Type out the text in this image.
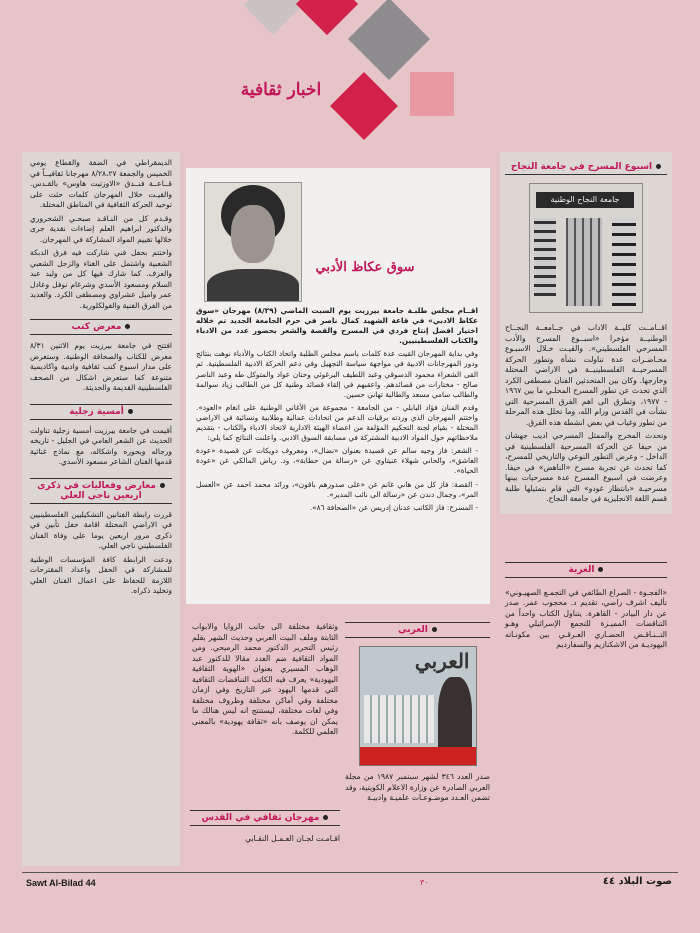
اخبار ثقافية
اسبوع المسرح في جامعة النجاح
جامعة النجاح الوطنية

اقــامــت كليــة الاداب في جــامعــة النجــاح الوطنيــة مؤخرا «اسبــوع المسرح والأدب المسرحي الفلسطيني». والقيـت خـلال الاسبـوع محـاضـرات عدة تناولت نشأة وتطور الحركة المسرحيــة الفلسطينيــة في الاراضي المحتلة وخارجها. وكان بين المتحدثين الفنان مصطفى الكرد الذي تحدث عن تطور المسرح المحلـي ما بين ١٩٦٧ - ١٩٧٧، وتطرق الى اهم الفرق المسرحية التي نشأت في القدس ورام الله، وما تخلل هذه المرحلة من تطور وغياب في بعض انشطة هذه الفرق.

وتحدث المخرج والممثل المسرحي اديب جهشان من حيفا عن الحركة المسرحية الفلسطينية في الداخل - وعرض التطور النوعي والتاريخي للمسرح، كما تحدث عن تجربة مسرح «الناهض» في حيفا. وعرضت في اسبوع المسرح عدة مسرحيات بينها مسرحيـة «بانتظار غودو» التي قام بتمثيلها طلبة قسم اللغة الانجليزية في جامعة النجاح.

الغربة
«الفجـوة - الصراع الطائفي في التجمـع الصهيـوني» تأليف اشرف راضي، تقديم د. محجوب عمر. صدر عن دار البيادر - القاهرة. يتناول الكتاب واحداً من التناقضات المميـزة للتجمع الإسرائيلي وهـو التــنـاقـض الحضـاري العـرقـي بين مكونـاته اليهوديـة من الاشكنازيم والسفارديم
سوق عكاظ الأدبي

اقــام مجلس طلبـة جامعة بيرزيت يوم السبت الماضي (٨/٢٩) مهرجان «سوق عكاظ الادبي» في قاعة الشهيد كمال ناصر في حرم الجامعة الجديد تم خلاله اختيار افضل إنتاج فردي في المسرح والقصة والشعر بحضور عدد من الادباء والكتاب الفلسطينيين.

وفي بداية المهرجان القيت عدة كلمات باسم مجلس الطلبة واتحاد الكتاب والأدباء نوهت بنتائج ودور المهرجانات الادبية في مواجهة سياسة التجهيل وفي دعم الحركة الادبية الفلسطينية. ثم القى الشعراء محمود الدسوقي وعبد اللطيف البرغوثي وحنان عواد والمتوكل طه وعبد الناصر صالح - مختارات من قصائدهم. واعقبهم في إلقاء قصائد وطنية كل من الطالب زياد سوالمة والطالب سامي مسعد والطالبة تهاني حسين.

وقدم الفنان فؤاد البابلي - من الجامعة - مجموعة من الأغاني الوطنية على انغام «العود». واختتم المهرجان الذي وردته برقيات الدعم من اتحادات عمالية وطلابية ونسائية في الاراضي المحتلة - بقيام لجنة التحكيم المؤلفة من اعضاء الهيئة الادارية لاتحاد الادباء والكتاب - بتقديم ملاحظاتهم حول المواد الادبية المشتركة في مسابقة السوق الادبي. واعلنت النتائج كما يلي:

- الشعر: فاز وجيه سالم عن قصيدة بعنوان «نضال»، ومعروف دويكات عن قصيدة «عودة العاشق»، والحاني شهلاء عنيتاوي عن «رسالة من حطابة»، ود. رياض المالكي عن «عودة الحياة».

- القصة: فاز كل من هاني غانم عن «على صدورهم باقون»، ورائد محمد احمد عن «العسل المر»، وجمال دندن عن «رسالة الى نائب المدير».

- المسرح: فاز الكاتب عدنان إدريس عن «الصحافة ٨٦».

العربي
العربي
صدر العدد ٣٤٦ لشهر سبتمبر ١٩٨٧ من مجلة العربي الصادرة عن وزارة الاعلام الكويتية، وقد تضمن العـدد موضـوعـات علميـة وادبيـة
وثقافية مختلفة الى جانب الزوايا والابواب الثابتة وملف البيت العربي وحديث الشهر بقلم رئيس التحرير الدكتور محمد الرميحي. ومن المواد الثقافية ضم العدد مقالا للدكتور عبد الوهاب المسيري بعنوان «الهوية الثقافية اليهودية» يعرف فيه الكاتب التناقضات الثقافية التي قدمها اليهود عبر التاريخ وفي ازمان مختلفة وفي أماكن مختلفة وظروف مختلفة وفي لغات مختلفة، ليستنتج انه ليس هنالك ما يمكن ان يوصف بانه «ثقافة يهودية» بالمعنى العلمي للكلمة.
مهرجان ثقافي في القدس
اقـامـت لجـان العـمـل النقـابي

الديمقراطي في الضفة والقطاع يومي الخميس والجمعة ٨/٢٨،٢٧ مهرجانا ثقافيــاً في قــاعــة فنــدق «الاوزتيت هاوس» بالقـدس. والقيـت خلال المهرجان كلمات حثت على توحيد الحركة الثقافية في المناطق المحتلة.

وقـدم كل من النـاقـد صبحـي الشحروري والدكتور ابراهيم العلم إضاءات نقدية جرى خلالها تقييم المواد المشاركة في المهرجان.

واختتم بحفل فني شاركت فيه فرق الدبكة الشعبية واشتمل على الغناء والزجل الشعبي والعزف. كما شارك فيها كل من وليد عبد السلام ومسعود الأسدي وشرغام نوفل وعادل عمر واميل عشراوي ومصطفى الكرد. والعديد من الفرق الفنية والفولكلورية.

معرض كتب
افتتح في جامعة بيرزيت يوم الاثنين ٨/٣١ معرض للكتاب والصحافة الوطنية. وستعرض على مدار اسبوع كتب ثقافية وادبية واكاديمية متنوعة كما ستعرض اشكال من الصحف الفلسطينية القديمة والحديثة.
أمسية زجلية
أقيمت في جامعة بيرزيت أمسية زجلية تناولت الحديث عن الشعر العامي في الجليل - تاريخه ورجاله وبحوره واشكاله، مع نماذج غنائية قدمها الفنان الشاعر مسعود الأسدي.
معارض وفعاليات في ذكرى
اربعين ناجي العلي

قررت رابطة الفنانين التشكيليين الفلسطينيين في الاراضي المحتلة اقامة حفل تأبين في ذكرى مرور اربعين يوما على وفاة الفنان الفلسطيني ناجي العلي.

ودعت الرابطة كافة المؤسسات الوطنية للمشاركة في الحفل واعداد المقترحات اللازمة للحفاظ على اعمال الفنان العلي وتخليد ذكراه.

Sawt Al-Bilad 44	٣٠	صوت البلاد ٤٤
